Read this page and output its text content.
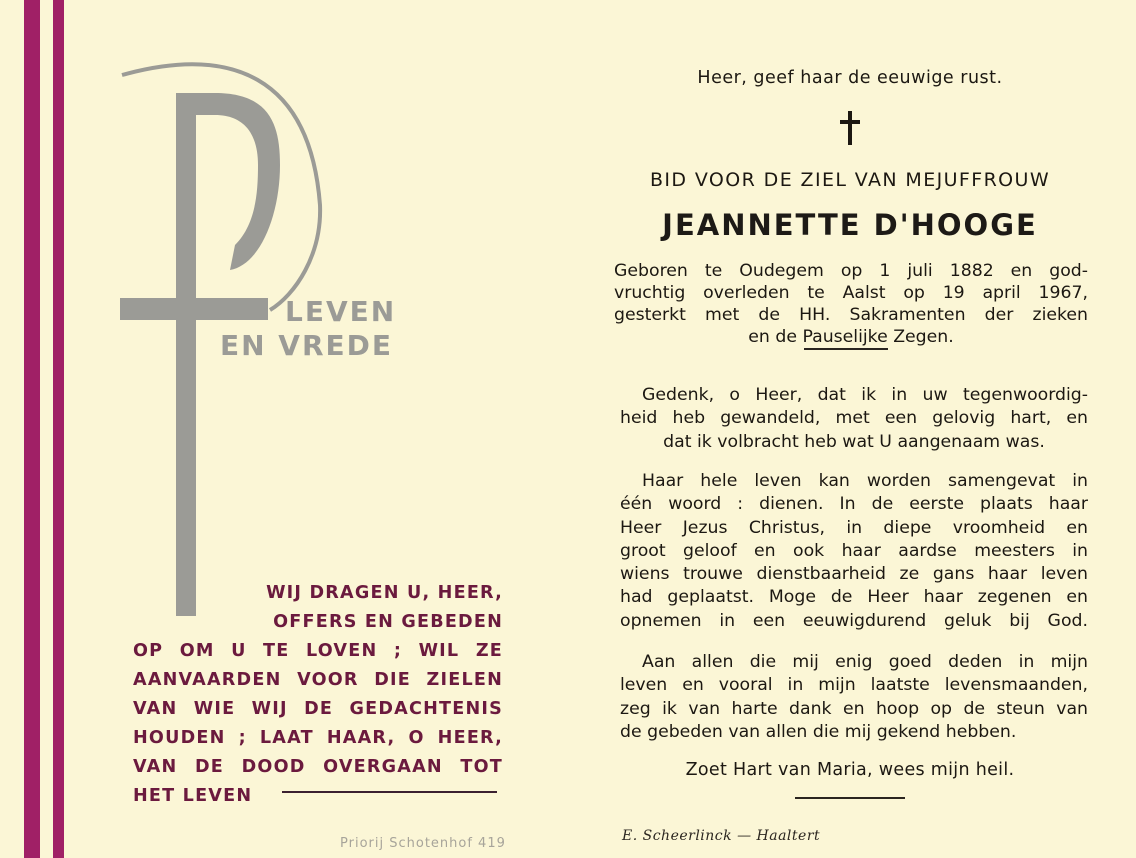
LEVEN
EN VREDE
WIJ DRAGEN U, HEER,
OFFERS EN GEBEDEN
OP OM U TE LOVEN ; WIL ZE
AANVAARDEN VOOR DIE ZIELEN
VAN WIE WIJ DE GEDACHTENIS
HOUDEN ; LAAT HAAR, O HEER,
VAN DE DOOD OVERGAAN TOT
HET LEVEN
Priorij Schotenhof 419
Heer, geef haar de eeuwige rust.
BID VOOR DE ZIEL VAN MEJUFFROUW
JEANNETTE D'HOOGE
Geboren te Oudegem op 1 juli 1882 en god-
vruchtig overleden te Aalst op 19 april 1967,
gesterkt met de HH. Sakramenten der zieken
en de Pauselijke Zegen.
Gedenk, o Heer, dat ik in uw tegenwoordig-
heid heb gewandeld, met een gelovig hart, en
dat ik volbracht heb wat U aangenaam was.
Haar hele leven kan worden samengevat in
één woord : dienen. In de eerste plaats haar
Heer Jezus Christus, in diepe vroomheid en
groot geloof en ook haar aardse meesters in
wiens trouwe dienstbaarheid ze gans haar leven
had geplaatst. Moge de Heer haar zegenen en
opnemen in een eeuwigdurend geluk bij God.
Aan allen die mij enig goed deden in mijn
leven en vooral in mijn laatste levensmaanden,
zeg ik van harte dank en hoop op de steun van
de gebeden van allen die mij gekend hebben.
Zoet Hart van Maria, wees mijn heil.
E. Scheerlinck — Haaltert
